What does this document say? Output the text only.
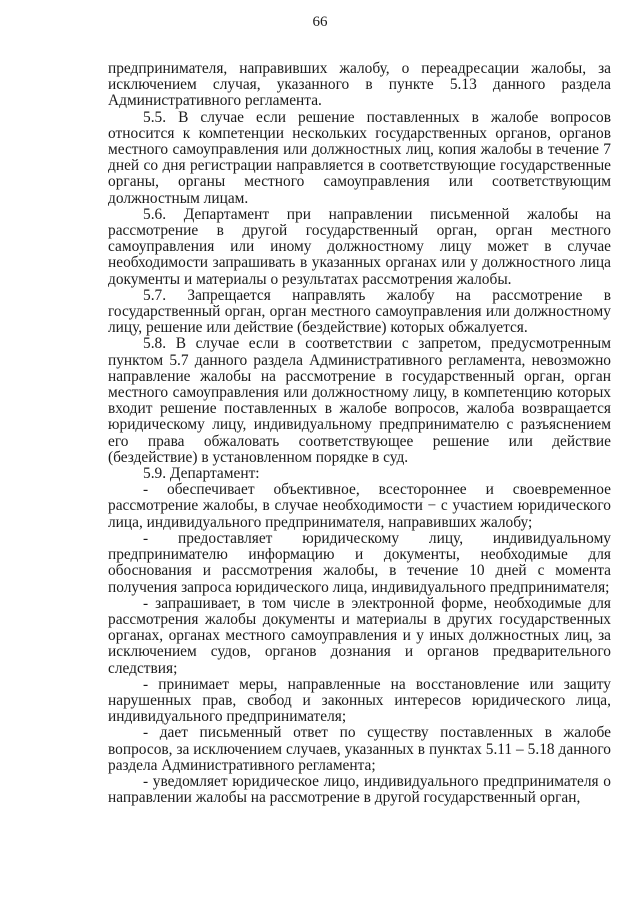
66

предпринимателя, направивших жалобу, о переадресации жалобы, за исключением случая, указанного в пункте 5.13 данного раздела Административного регламента.

5.5. В случае если решение поставленных в жалобе вопросов относится к компетенции нескольких государственных органов, органов местного самоуправления или должностных лиц, копия жалобы в течение 7 дней со дня регистрации направляется в соответствующие государственные органы, органы местного самоуправления или соответствующим должностным лицам.

5.6. Департамент при направлении письменной жалобы на рассмотрение в другой государственный орган, орган местного самоуправления или иному должностному лицу может в случае необходимости запрашивать в указанных органах или у должностного лица документы и материалы о результатах рассмотрения жалобы.

5.7. Запрещается направлять жалобу на рассмотрение в государственный орган, орган местного самоуправления или должностному лицу, решение или действие (бездействие) которых обжалуется.

5.8. В случае если в соответствии с запретом, предусмотренным пунктом 5.7 данного раздела Административного регламента, невозможно направление жалобы на рассмотрение в государственный орган, орган местного самоуправления или должностному лицу, в компетенцию которых входит решение поставленных в жалобе вопросов, жалоба возвращается юридическому лицу, индивидуальному предпринимателю с разъяснением его права обжаловать соответствующее решение или действие (бездействие) в установленном порядке в суд.

5.9. Департамент:

- обеспечивает объективное, всестороннее и своевременное рассмотрение жалобы, в случае необходимости − с участием юридического лица, индивидуального предпринимателя, направивших жалобу;

- предоставляет юридическому лицу, индивидуальному предпринимателю информацию и документы, необходимые для обоснования и рассмотрения жалобы, в течение 10 дней с момента получения запроса юридического лица, индивидуального предпринимателя;

- запрашивает, в том числе в электронной форме, необходимые для рассмотрения жалобы документы и материалы в других государственных органах, органах местного самоуправления и у иных должностных лиц, за исключением судов, органов дознания и органов предварительного следствия;

- принимает меры, направленные на восстановление или защиту нарушенных прав, свобод и законных интересов юридического лица, индивидуального предпринимателя;

- дает письменный ответ по существу поставленных в жалобе вопросов, за исключением случаев, указанных в пунктах 5.11 – 5.18 данного раздела Административного регламента;

- уведомляет юридическое лицо, индивидуального предпринимателя о направлении жалобы на рассмотрение в другой государственный орган,
